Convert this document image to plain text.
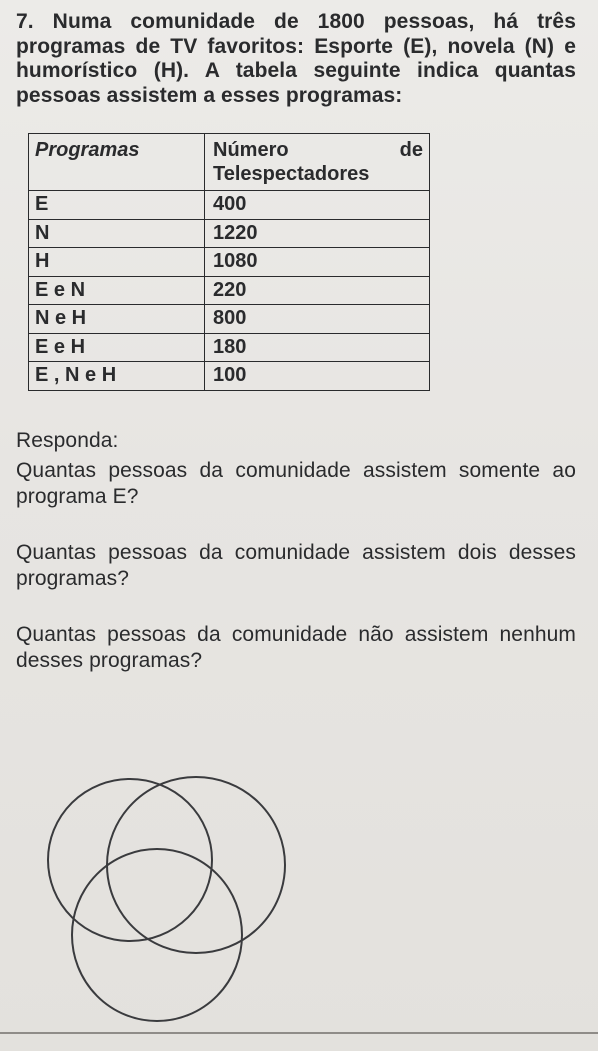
7. Numa comunidade de 1800 pessoas, há três programas de TV favoritos: Esporte (E), novela (N) e humorístico (H). A tabela seguinte indica quantas pessoas assistem a esses programas:

Programas	Número de
Telespectadores

E	400
N	1220
H	1080
E e N	220
N e H	800
E e H	180
E , N e H	100

Responda:

Quantas pessoas da comunidade assistem somente ao programa E?

Quantas pessoas da comunidade assistem dois desses programas?

Quantas pessoas da comunidade não assistem nenhum desses programas?
